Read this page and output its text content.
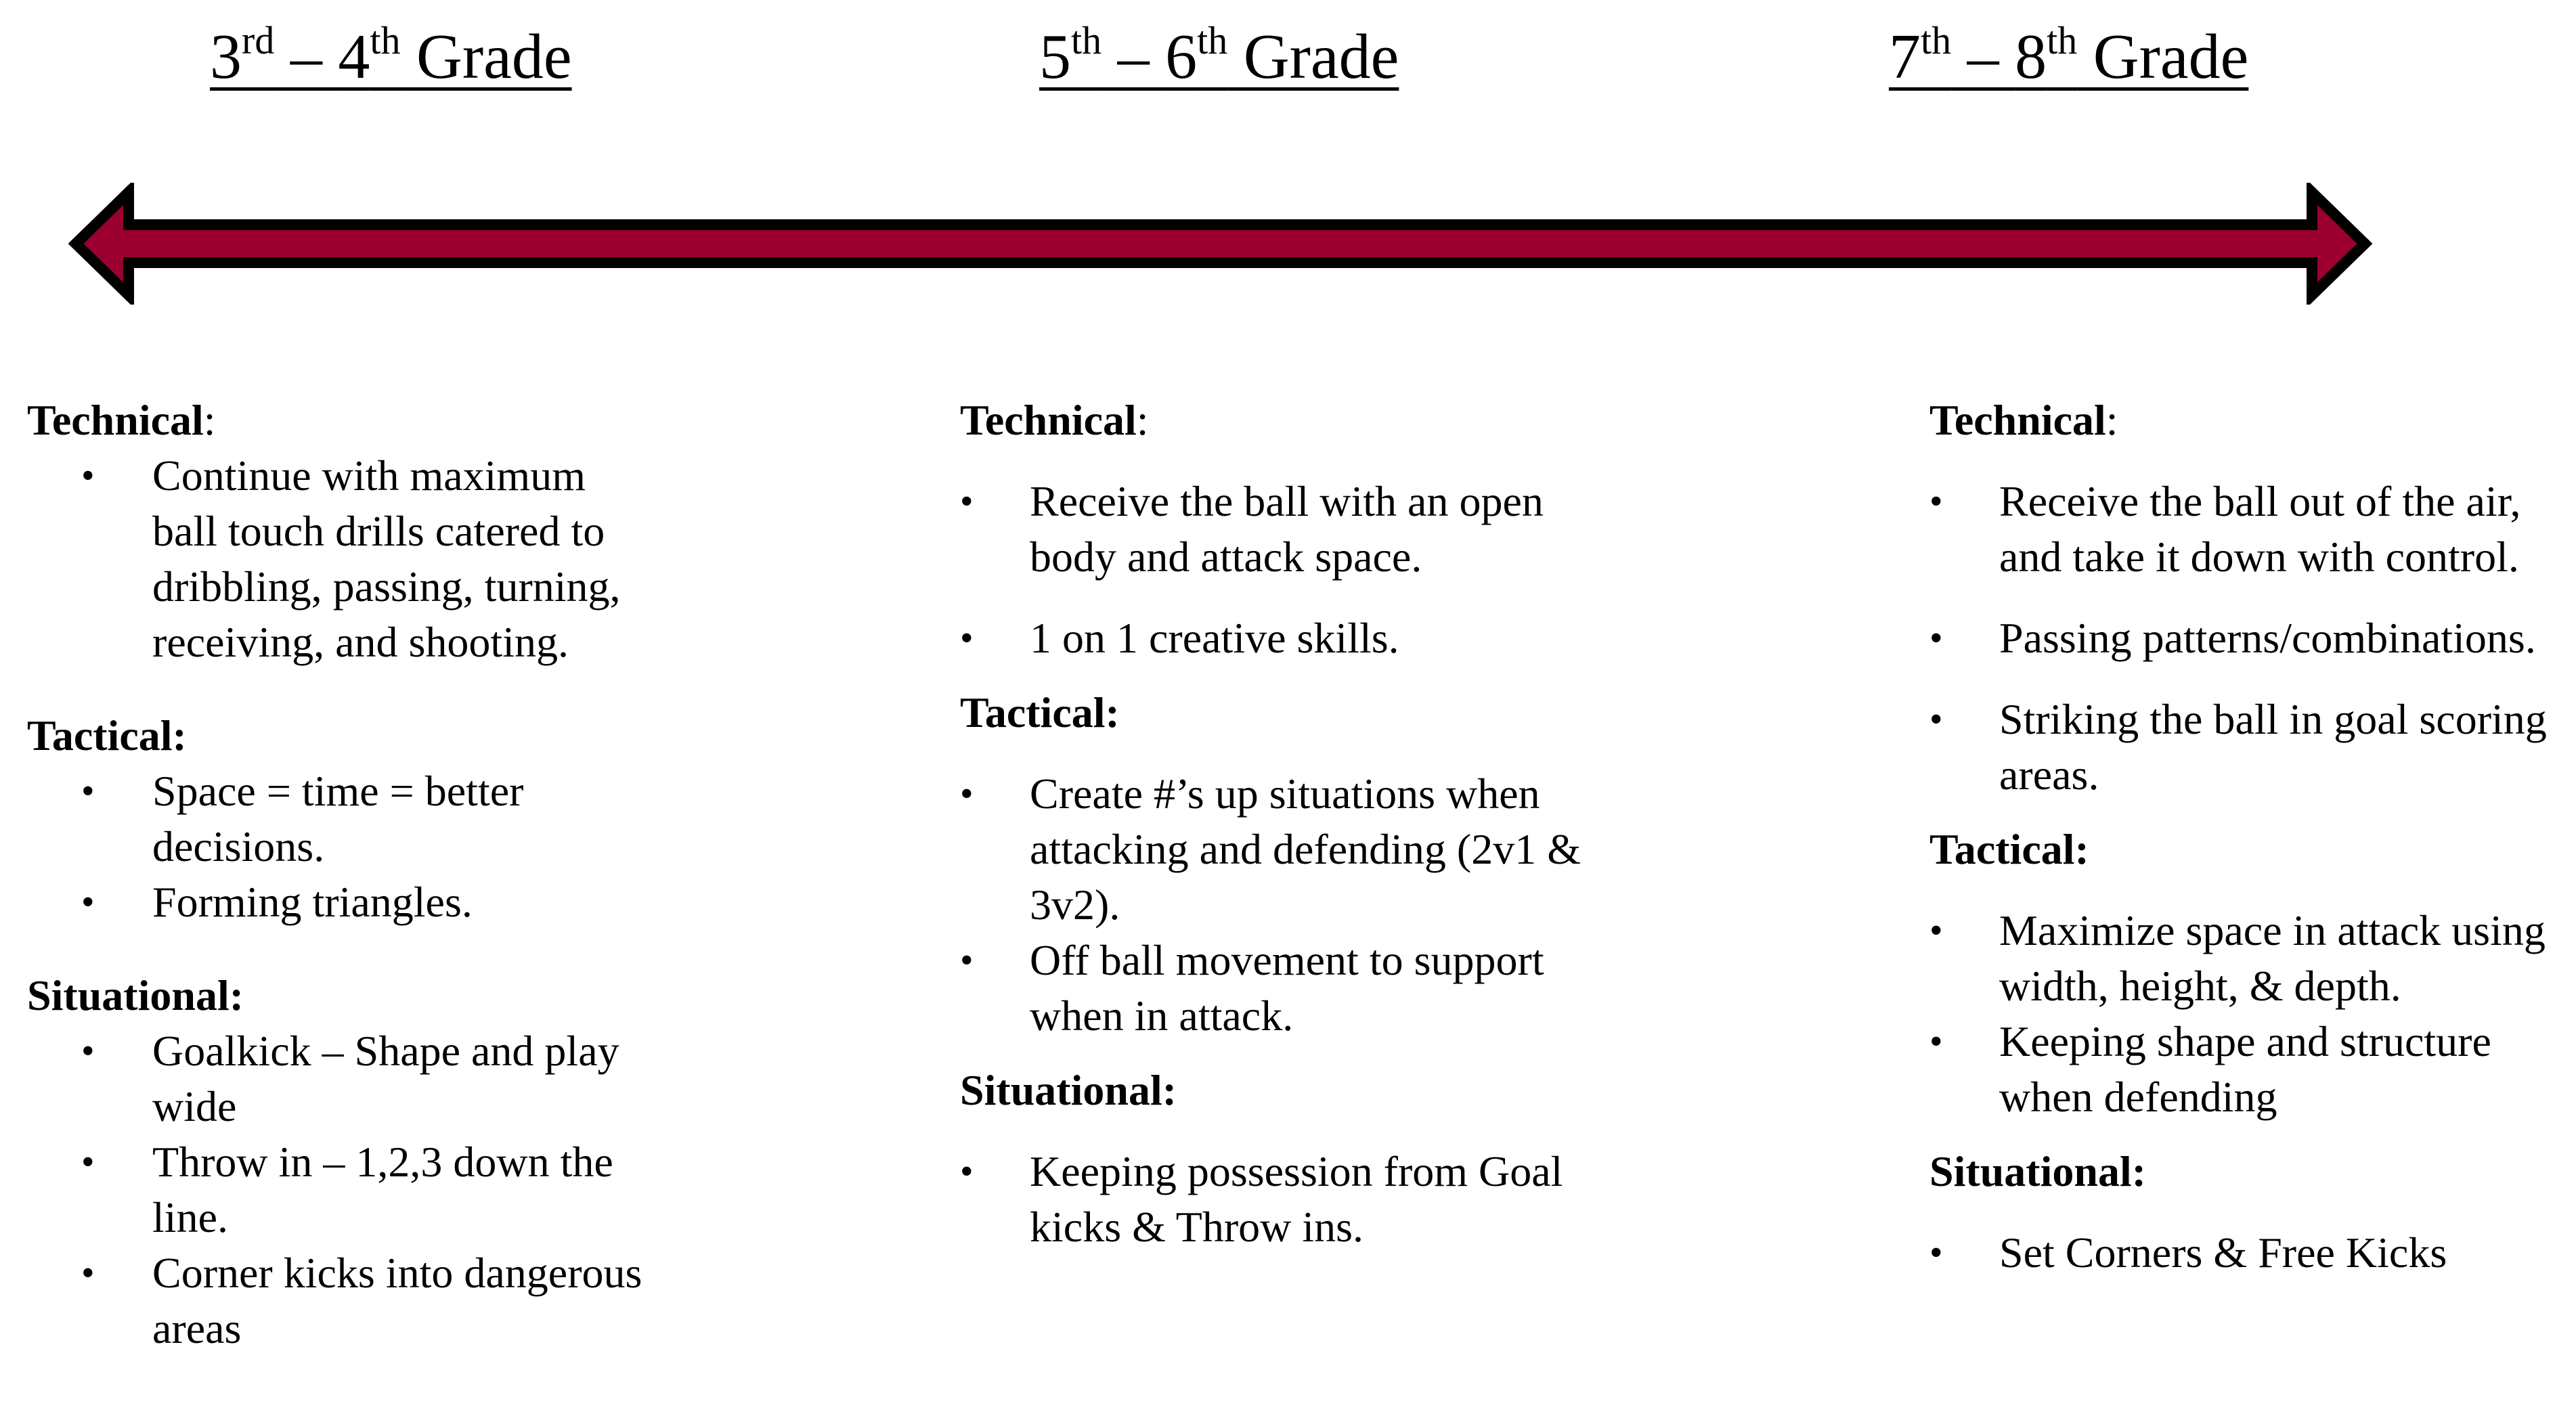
3rd – 4th Grade	5th – 6th Grade	7th – 8th Grade
Technical:
• Continue with maximum
ball touch drills catered to
dribbling, passing, turning,
receiving, and shooting.
Tactical:
• Space = time = better
decisions.
• Forming triangles.
Situational:
• Goalkick – Shape and play
wide
• Throw in – 1,2,3 down the
line.
• Corner kicks into dangerous
areas
Technical:
• Receive the ball with an open
body and attack space.
• 1 on 1 creative skills.
Tactical:
• Create #’s up situations when
attacking and defending (2v1 &
3v2).
• Off ball movement to support
when in attack.
Situational:
• Keeping possession from Goal
kicks & Throw ins.
Technical:
• Receive the ball out of the air,
and take it down with control.
• Passing patterns/combinations.
• Striking the ball in goal scoring
areas.
Tactical:
• Maximize space in attack using
width, height, & depth.
• Keeping shape and structure
when defending
Situational:
• Set Corners & Free Kicks
